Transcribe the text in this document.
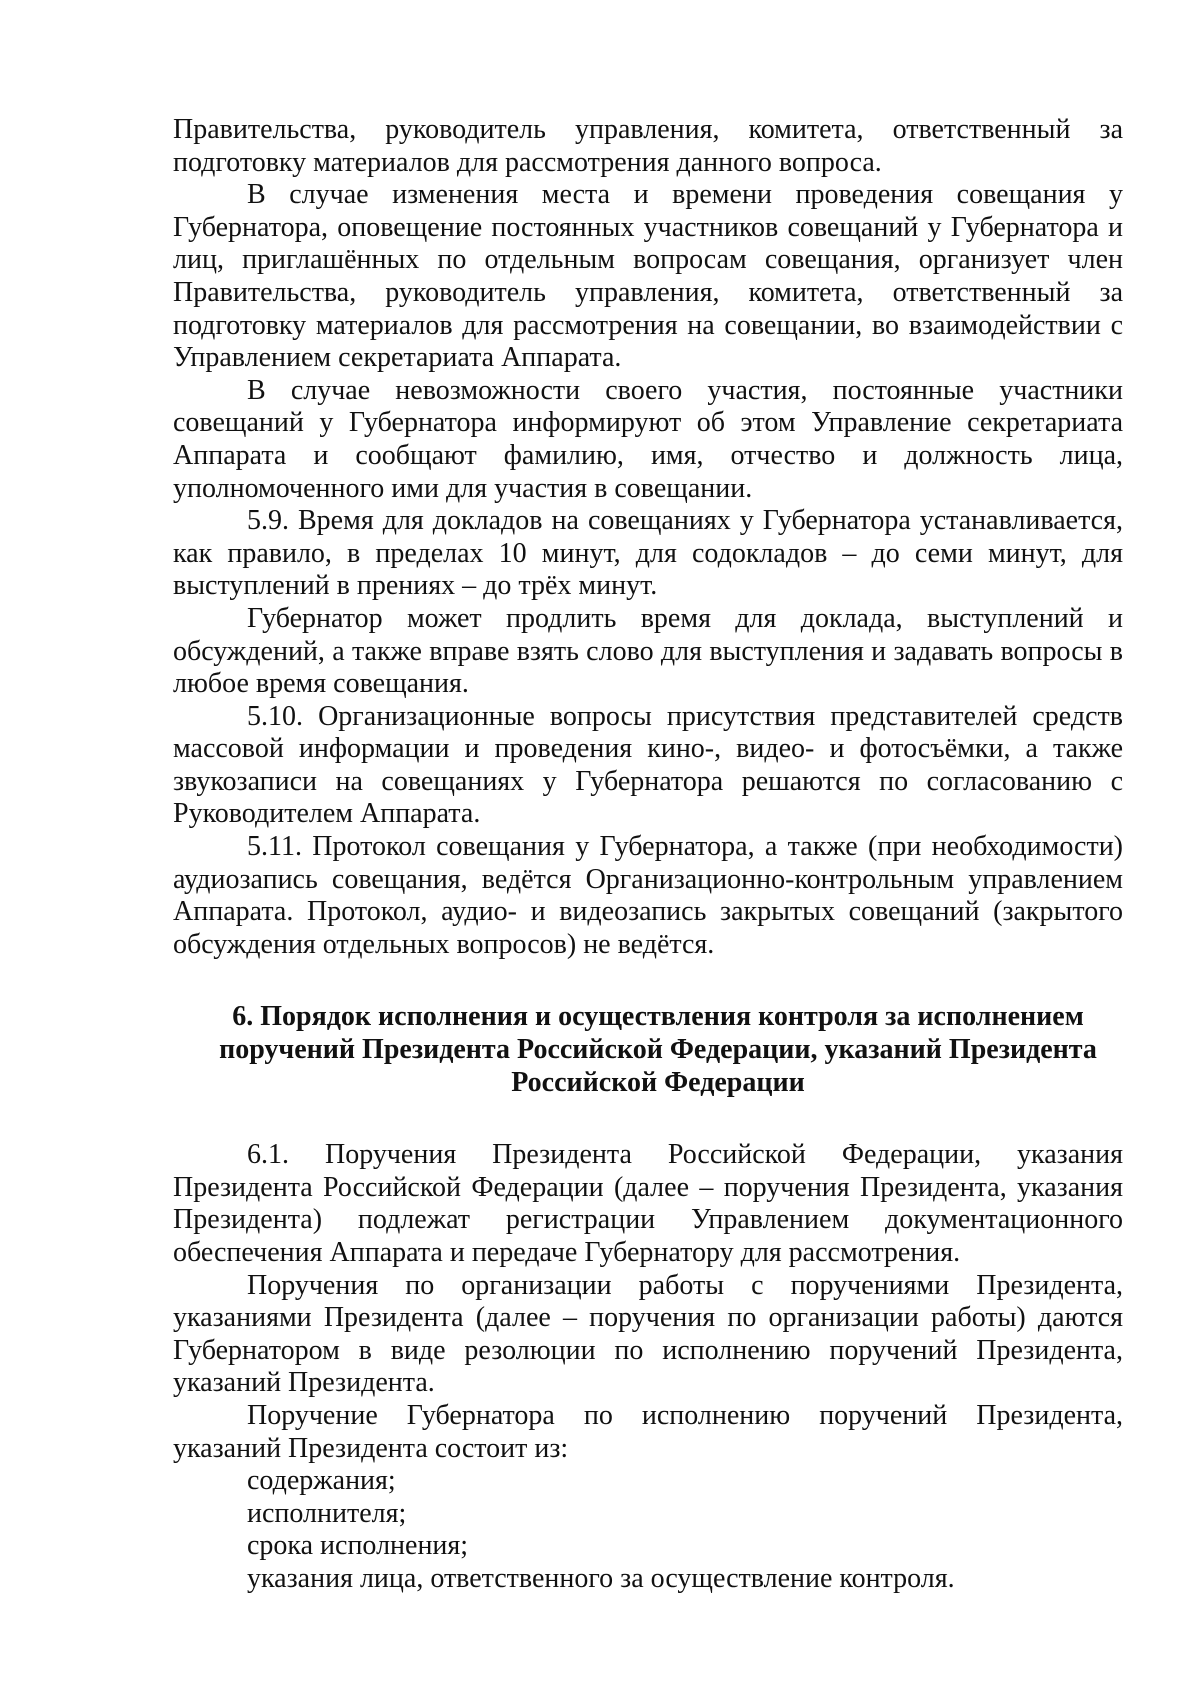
Правительства, руководитель управления, комитета, ответственный за подготовку материалов для рассмотрения данного вопроса.

В случае изменения места и времени проведения совещания у Губернатора, оповещение постоянных участников совещаний у Губернатора и лиц, приглашённых по отдельным вопросам совещания, организует член Правительства, руководитель управления, комитета, ответственный за подготовку материалов для рассмотрения на совещании, во взаимодействии с Управлением секретариата Аппарата.

В случае невозможности своего участия, постоянные участники совещаний у Губернатора информируют об этом Управление секретариата Аппарата и сообщают фамилию, имя, отчество и должность лица, уполномоченного ими для участия в совещании.

5.9. Время для докладов на совещаниях у Губернатора устанавливается, как правило, в пределах 10 минут, для содокладов – до семи минут, для выступлений в прениях – до трёх минут.

Губернатор может продлить время для доклада, выступлений и обсуждений, а также вправе взять слово для выступления и задавать вопросы в любое время совещания.

5.10. Организационные вопросы присутствия представителей средств массовой информации и проведения кино-, видео- и фотосъёмки, а также звукозаписи на совещаниях у Губернатора решаются по согласованию с Руководителем Аппарата.

5.11. Протокол совещания у Губернатора, а также (при необходимости) аудиозапись совещания, ведётся Организационно-контрольным управлением Аппарата. Протокол, аудио- и видеозапись закрытых совещаний (закрытого обсуждения отдельных вопросов) не ведётся.

6. Порядок исполнения и осуществления контроля за исполнением поручений Президента Российской Федерации, указаний Президента Российской Федерации

6.1. Поручения Президента Российской Федерации, указания Президента Российской Федерации (далее – поручения Президента, указания Президента) подлежат регистрации Управлением документационного обеспечения Аппарата и передаче Губернатору для рассмотрения.

Поручения по организации работы с поручениями Президента, указаниями Президента (далее – поручения по организации работы) даются Губернатором в виде резолюции по исполнению поручений Президента, указаний Президента.

Поручение Губернатора по исполнению поручений Президента, указаний Президента состоит из:

содержания;
исполнителя;
срока исполнения;
указания лица, ответственного за осуществление контроля.
